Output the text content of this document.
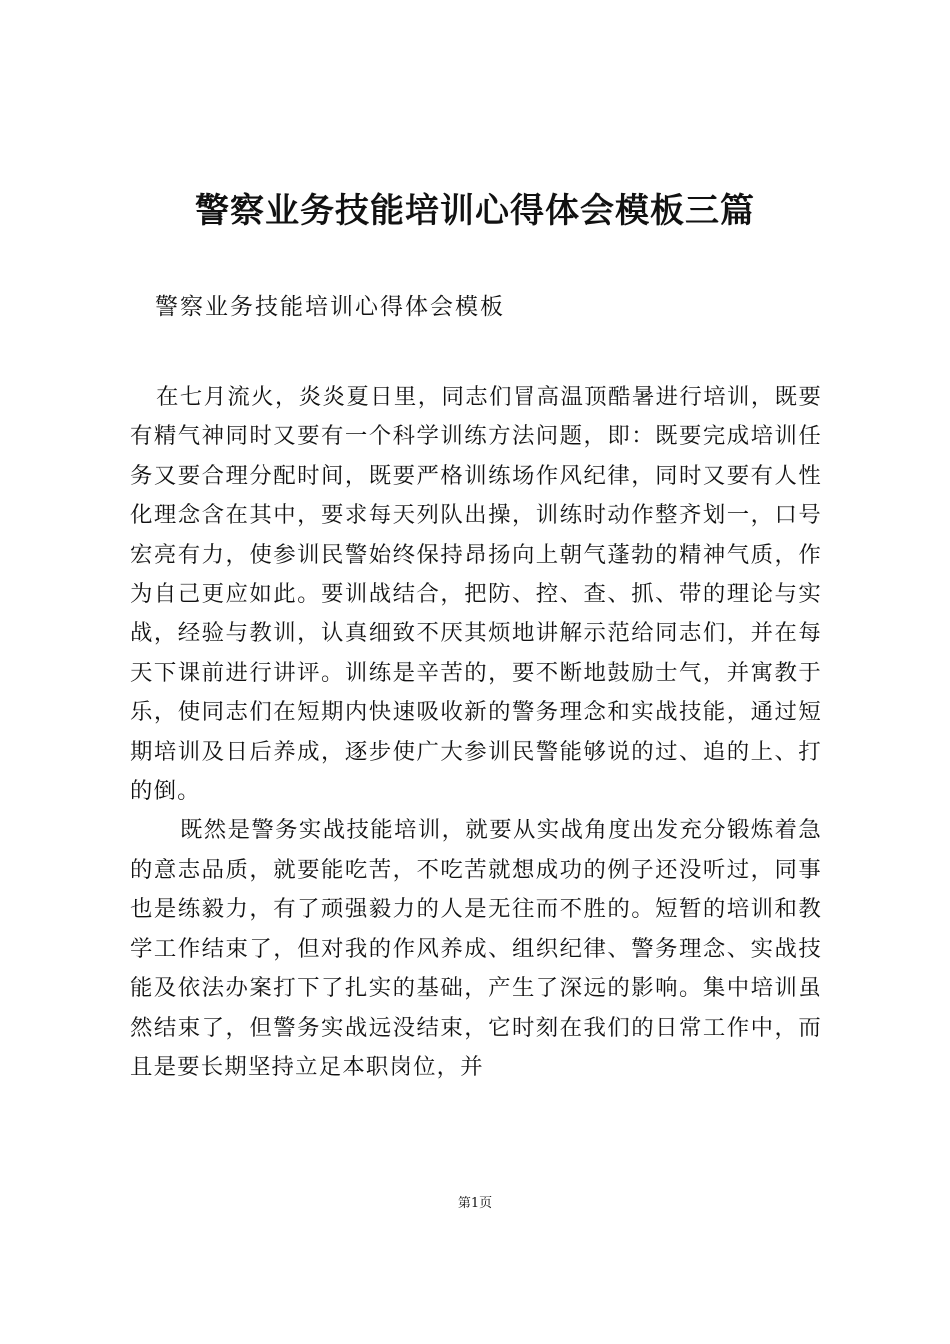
警察业务技能培训心得体会模板三篇

警察业务技能培训心得体会模板

在七月流火，炎炎夏日里，同志们冒高温顶酷暑进行培训，既要有精气神同时又要有一个科学训练方法问题，即：既要完成培训任务又要合理分配时间，既要严格训练场作风纪律，同时又要有人性化理念含在其中，要求每天列队出操，训练时动作整齐划一，口号宏亮有力，使参训民警始终保持昂扬向上朝气蓬勃的精神气质，作为自己更应如此。要训战结合，把防、控、查、抓、带的理论与实战，经验与教训，认真细致不厌其烦地讲解示范给同志们，并在每天下课前进行讲评。训练是辛苦的，要不断地鼓励士气，并寓教于乐，使同志们在短期内快速吸收新的警务理念和实战技能，通过短期培训及日后养成，逐步使广大参训民警能够说的过、追的上、打的倒。

既然是警务实战技能培训，就要从实战角度出发充分锻炼着急的意志品质，就要能吃苦，不吃苦就想成功的例子还没听过，同事也是练毅力，有了顽强毅力的人是无往而不胜的。短暂的培训和教学工作结束了，但对我的作风养成、组织纪律、警务理念、实战技能及依法办案打下了扎实的基础，产生了深远的影响。集中培训虽然结束了，但警务实战远没结束，它时刻在我们的日常工作中，而且是要长期坚持立足本职岗位，并

第1页
